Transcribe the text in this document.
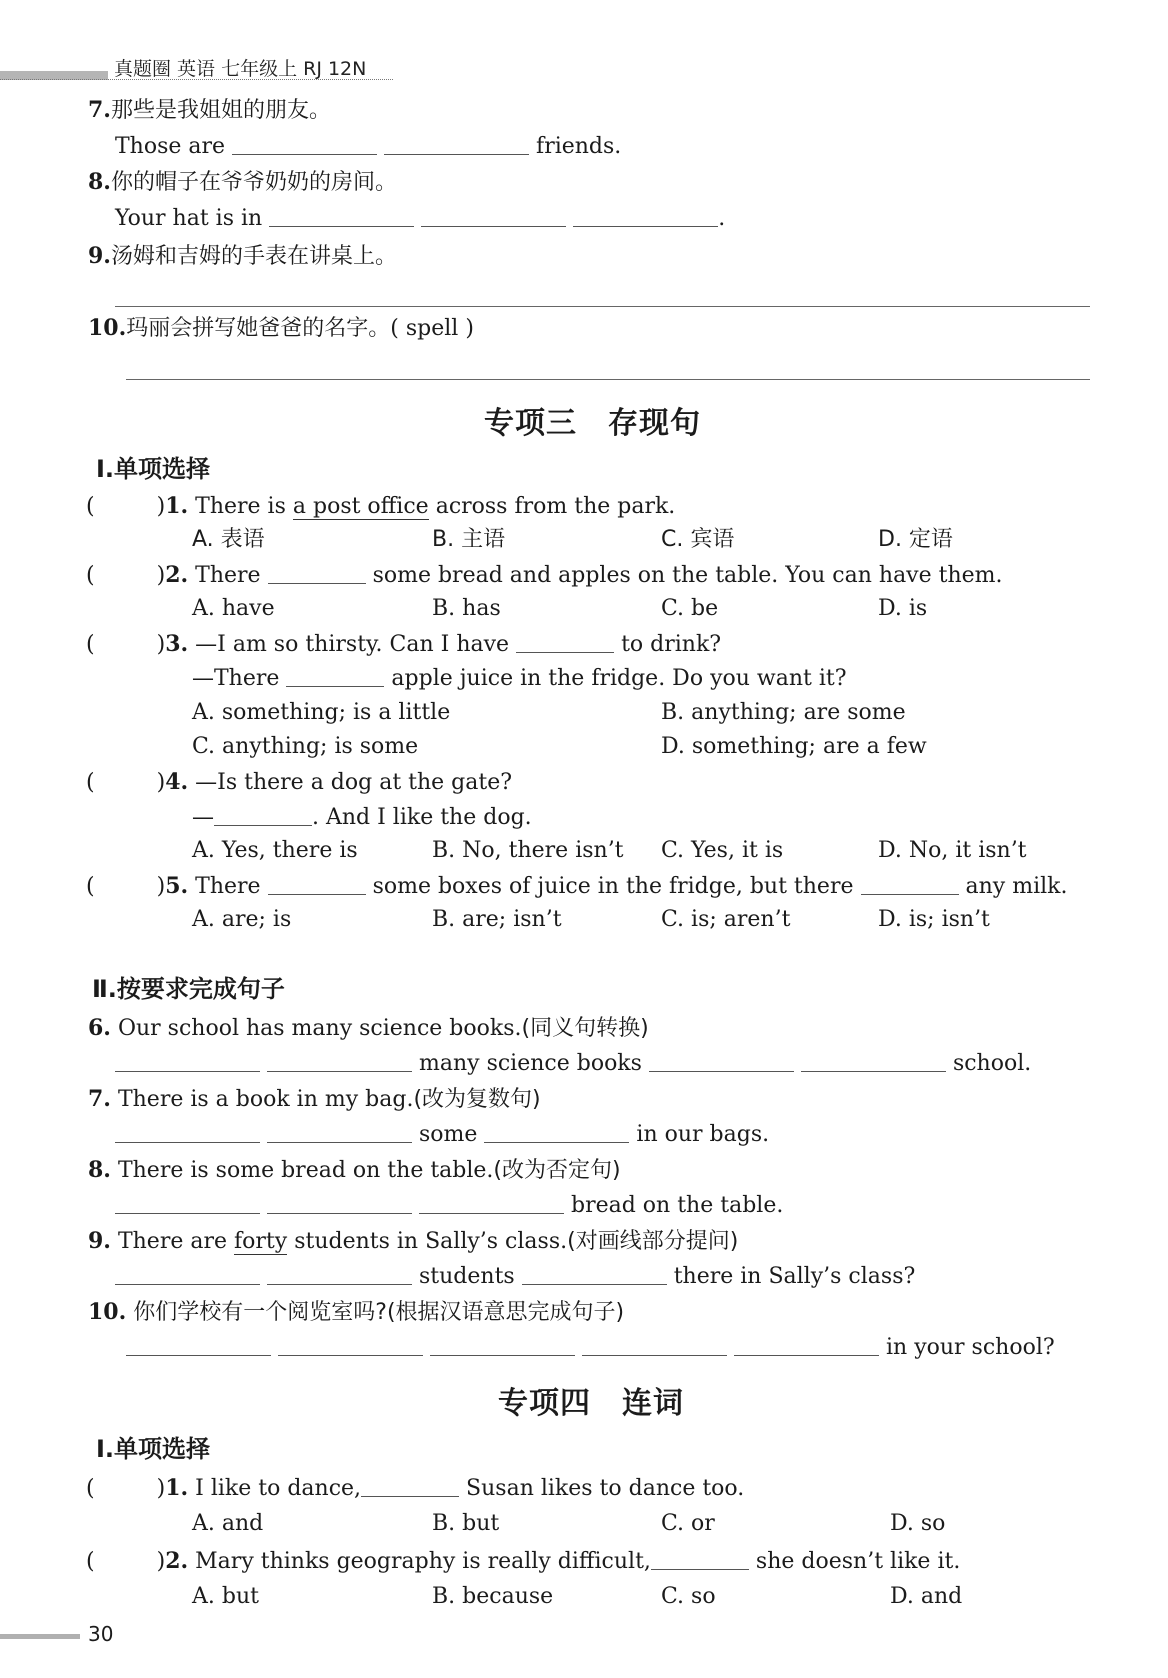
真题圈 英语 七年级上 RJ 12N
7.那些是我姐姐的朋友。
Those are	friends.
8.你的帽子在爷爷奶奶的房间。
Your hat is in	.
9.汤姆和吉姆的手表在讲桌上。
10.玛丽会拼写她爸爸的名字。( spell )
专项三　存现句
Ⅰ.单项选择
(	)1. There is a post office across from the park.
A. 表语	B. 主语	C. 宾语	D. 定语
(	)2. There	some bread and apples on the table. You can have them.
A. have	B. has	C. be	D. is
(	)3. —I am so thirsty. Can I have	to drink?
—There	apple juice in the fridge. Do you want it?
A. something; is a little	B. anything; are some
C. anything; is some	D. something; are a few
(	)4. —Is there a dog at the gate?
—	. And I like the dog.
A. Yes, there is	B. No, there isn’t C. Yes, it is	D. No, it isn’t
(	)5. There	some boxes of juice in the fridge, but there	any milk.
A. are; is	B. are; isn’t	C. is; aren’t	D. is; isn’t
Ⅱ.按要求完成句子
6. Our school has many science books.(同义句转换)
many science books	school.
7. There is a book in my bag.(改为复数句)
some	in our bags.
8. There is some bread on the table.(改为否定句)
bread on the table.
9. There are forty students in Sally’s class.(对画线部分提问)
students	there in Sally’s class?
10. 你们学校有一个阅览室吗?(根据汉语意思完成句子)
in your school?
专项四　连词
Ⅰ.单项选择
(	)1. I like to dance,	Susan likes to dance too.
A. and	B. but	C. or	D. so
(	)2. Mary thinks geography is really difficult,	she doesn’t like it.
A. but	B. because	C. so	D. and
30
